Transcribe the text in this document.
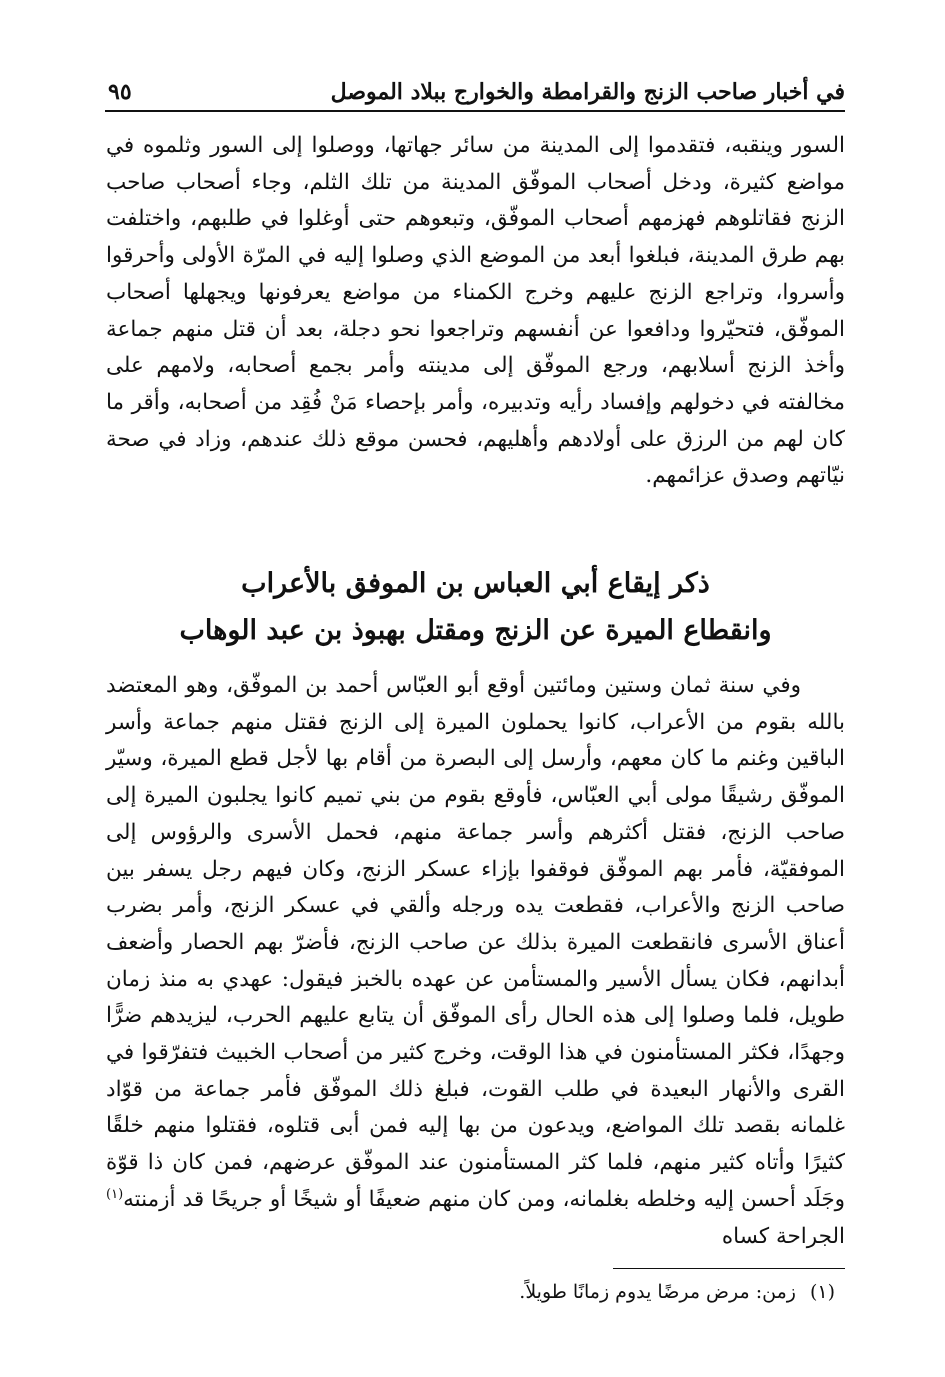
في أخبار صاحب الزنج والقرامطة والخوارج ببلاد الموصل
٩٥

السور وينقبه، فتقدموا إلى المدينة من سائر جهاتها، ووصلوا إلى السور وثلموه في مواضع كثيرة، ودخل أصحاب الموفّق المدينة من تلك الثلم، وجاء أصحاب صاحب الزنج فقاتلوهم فهزمهم أصحاب الموفّق، وتبعوهم حتى أوغلوا في طلبهم، واختلفت بهم طرق المدينة، فبلغوا أبعد من الموضع الذي وصلوا إليه في المرّة الأولى وأحرقوا وأسروا، وتراجع الزنج عليهم وخرج الكمناء من مواضع يعرفونها ويجهلها أصحاب الموفّق، فتحيّروا ودافعوا عن أنفسهم وتراجعوا نحو دجلة، بعد أن قتل منهم جماعة وأخذ الزنج أسلابهم، ورجع الموفّق إلى مدينته وأمر بجمع أصحابه، ولامهم على مخالفته في دخولهم وإفساد رأيه وتدبيره، وأمر بإحصاء مَنْ فُقِد من أصحابه، وأقر ما كان لهم من الرزق على أولادهم وأهليهم، فحسن موقع ذلك عندهم، وزاد في صحة نيّاتهم وصدق عزائمهم.

ذكر إيقاع أبي العباس بن الموفق بالأعراب
وانقطاع الميرة عن الزنج ومقتل بهبوذ بن عبد الوهاب

وفي سنة ثمان وستين ومائتين أوقع أبو العبّاس أحمد بن الموفّق، وهو المعتضد بالله بقوم من الأعراب، كانوا يحملون الميرة إلى الزنج فقتل منهم جماعة وأسر الباقين وغنم ما كان معهم، وأرسل إلى البصرة من أقام بها لأجل قطع الميرة، وسيّر الموفّق رشيقًا مولى أبي العبّاس، فأوقع بقوم من بني تميم كانوا يجلبون الميرة إلى صاحب الزنج، فقتل أكثرهم وأسر جماعة منهم، فحمل الأسرى والرؤوس إلى الموفقيّة، فأمر بهم الموفّق فوقفوا بإزاء عسكر الزنج، وكان فيهم رجل يسفر بين صاحب الزنج والأعراب، فقطعت يده ورجله وألقي في عسكر الزنج، وأمر بضرب أعناق الأسرى فانقطعت الميرة بذلك عن صاحب الزنج، فأضرّ بهم الحصار وأضعف أبدانهم، فكان يسأل الأسير والمستأمن عن عهده بالخبز فيقول: عهدي به منذ زمان طويل، فلما وصلوا إلى هذه الحال رأى الموفّق أن يتابع عليهم الحرب، ليزيدهم ضرًّا وجهدًا، فكثر المستأمنون في هذا الوقت، وخرج كثير من أصحاب الخبيث فتفرّقوا في القرى والأنهار البعيدة في طلب القوت، فبلغ ذلك الموفّق فأمر جماعة من قوّاد غلمانه بقصد تلك المواضع، ويدعون من بها إليه فمن أبى قتلوه، فقتلوا منهم خلقًا كثيرًا وأتاه كثير منهم، فلما كثر المستأمنون عند الموفّق عرضهم، فمن كان ذا قوّة وجَلَد أحسن إليه وخلطه بغلمانه، ومن كان منهم ضعيفًا أو شيخًا أو جريحًا قد أزمنته$^{(١)}$ الجراحة كساه

(١)زمن: مرض مرضًا يدوم زمانًا طويلاً.
